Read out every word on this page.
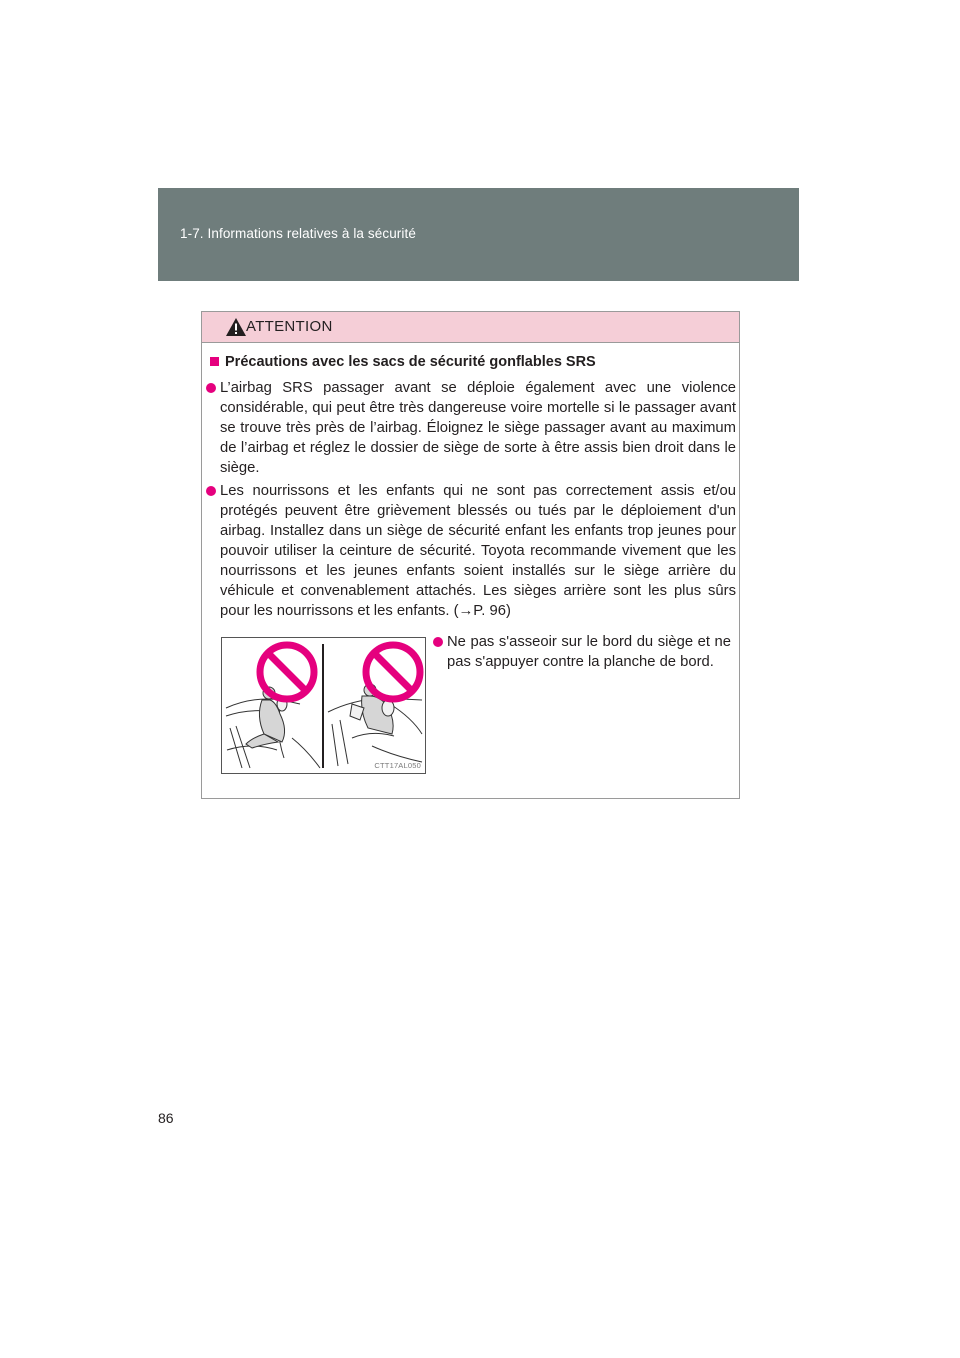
1-7. Informations relatives à la sécurité
ATTENTION
Précautions avec les sacs de sécurité gonflables SRS
L’airbag SRS passager avant se déploie également avec une violence considérable, qui peut être très dangereuse voire mortelle si le passager avant se trouve très près de l’airbag. Éloignez le siège passager avant au maximum de l’airbag et réglez le dossier de siège de sorte à être assis bien droit dans le siège.
Les nourrissons et les enfants qui ne sont pas correctement assis et/ou protégés peuvent être grièvement blessés ou tués par le déploiement d'un airbag. Installez dans un siège de sécurité enfant les enfants trop jeunes pour pouvoir utiliser la ceinture de sécurité. Toyota recommande vivement que les nourrissons et les jeunes enfants soient installés sur le siège arrière du véhicule et convenablement attachés. Les sièges arrière sont les plus sûrs pour les nourrissons et les enfants. (→P. 96)
CTT17AL050
Ne pas s'asseoir sur le bord du siège et ne pas s'appuyer contre la planche de bord.
86
